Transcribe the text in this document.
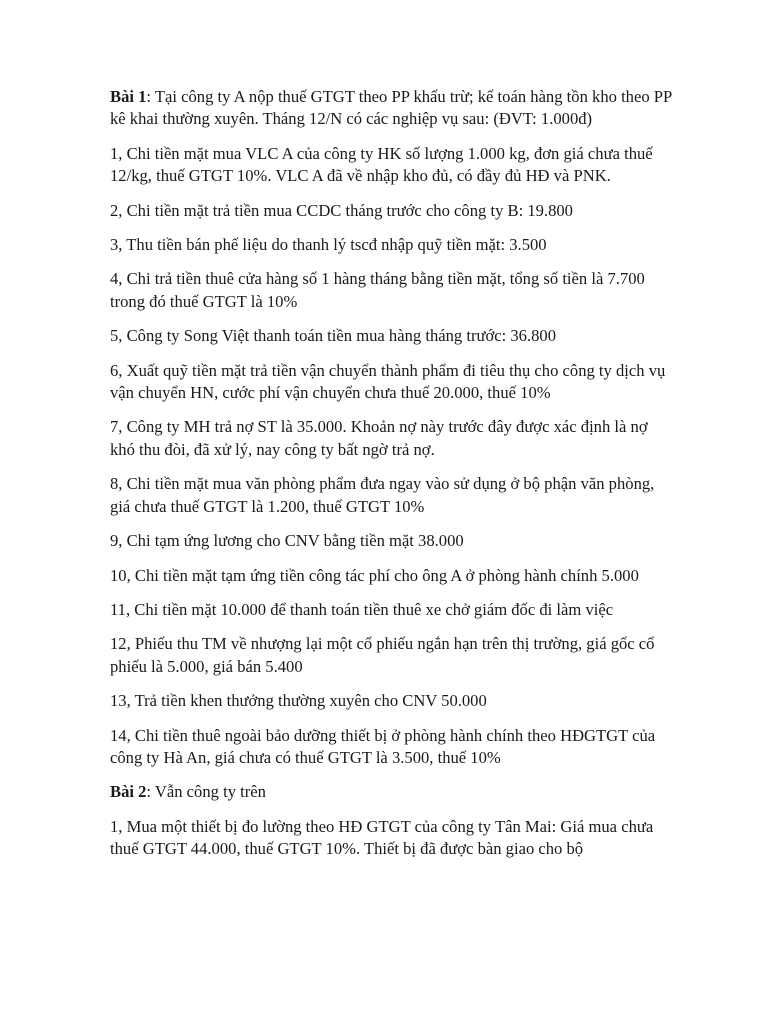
Bài 1: Tại công ty A nộp thuế GTGT theo PP khấu trừ; kế toán hàng tồn kho theo PP kê khai thường xuyên. Tháng 12/N có các nghiệp vụ sau: (ĐVT: 1.000đ)

1, Chi tiền mặt mua VLC A của công ty HK số lượng 1.000 kg, đơn giá chưa thuế 12/kg, thuế GTGT 10%. VLC A đã về nhập kho đủ, có đầy đủ HĐ và PNK.

2, Chi tiền mặt trả tiền mua CCDC tháng trước cho công ty B: 19.800

3, Thu tiền bán phế liệu do thanh lý tscđ nhập quỹ tiền mặt: 3.500

4, Chi trả tiền thuê cửa hàng số 1 hàng tháng bằng tiền mặt, tổng số tiền là 7.700 trong đó thuế GTGT là 10%

5, Công ty Song Việt thanh toán tiền mua hàng tháng trước: 36.800

6, Xuất quỹ tiền mặt trả tiền vận chuyển thành phẩm đi tiêu thụ cho công ty dịch vụ vận chuyển HN, cước phí vận chuyển chưa thuế 20.000, thuế 10%

7, Công ty MH trả nợ ST là 35.000. Khoản nợ này trước đây được xác định là nợ khó thu đòi, đã xử lý, nay công ty bất ngờ trả nợ.

8, Chi tiền mặt mua văn phòng phẩm đưa ngay vào sử dụng ở bộ phận văn phòng, giá chưa thuế GTGT là 1.200, thuế GTGT 10%

9, Chi tạm ứng lương cho CNV bằng tiền mặt 38.000

10, Chi tiền mặt tạm ứng tiền công tác phí cho ông A ở phòng hành chính 5.000

11, Chi tiền mặt 10.000 để thanh toán tiền thuê xe chở giám đốc đi làm việc

12, Phiếu thu TM về nhượng lại một cổ phiếu ngắn hạn trên thị trường, giá gốc cổ phiếu là 5.000, giá bán 5.400

13, Trả tiền khen thưởng thường xuyên cho CNV 50.000

14, Chi tiền thuê ngoài bảo dưỡng thiết bị ở phòng hành chính theo HĐGTGT của công ty Hà An, giá chưa có thuế GTGT là 3.500, thuế 10%

Bài 2: Vẫn công ty trên

1, Mua một thiết bị đo lường theo HĐ GTGT của công ty Tân Mai: Giá mua chưa thuế GTGT 44.000, thuế GTGT 10%. Thiết bị đã được bàn giao cho bộ
